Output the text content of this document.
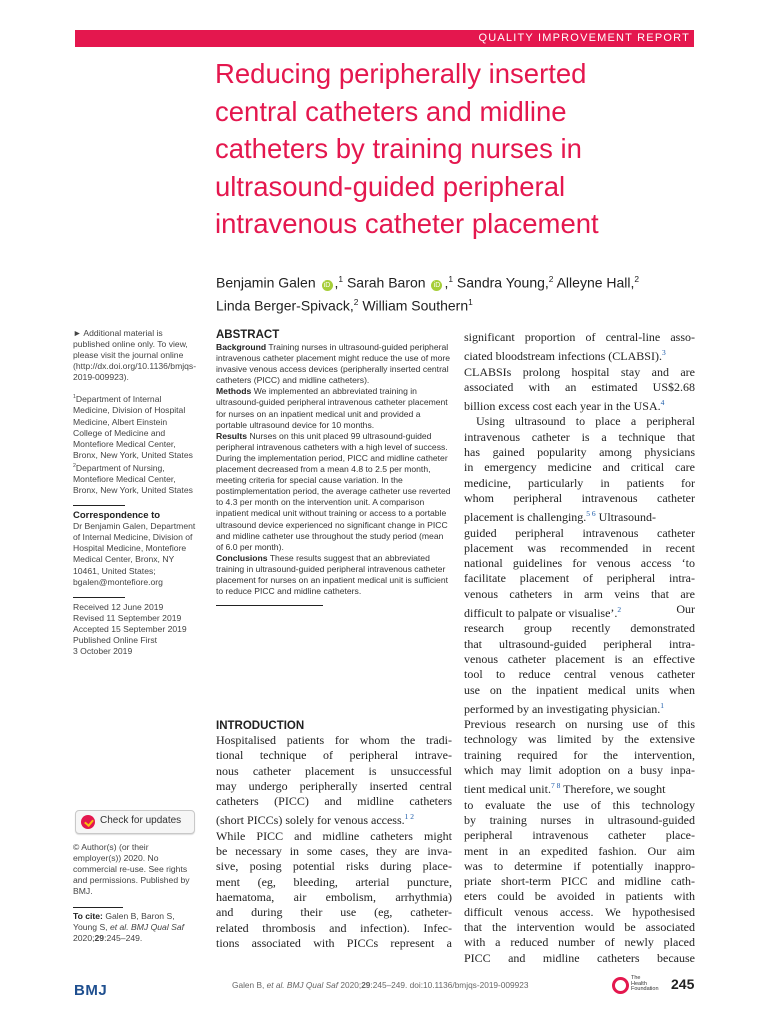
QUALITY IMPROVEMENT REPORT
Reducing peripherally inserted
central catheters and midline
catheters by training nurses in
ultrasound-guided peripheral
intravenous catheter placement
Benjamin Galen iD ,$^1$ Sarah Baron iD ,$^1$ Sandra Young,$^2$ Alleyne Hall,$^2$
Linda Berger-Spivack,$^2$ William Southern$^1$

► Additional material is published online only. To view, please visit the journal online (http://dx.doi.org/10.1136/bmjqs-2019-009923).

$^1$Department of Internal Medicine, Division of Hospital Medicine, Albert Einstein College of Medicine and Montefiore Medical Center, Bronx, New York, United States

$^2$Department of Nursing, Montefiore Medical Center, Bronx, New York, United States

Correspondence to

Dr Benjamin Galen, Department of Internal Medicine, Division of Hospital Medicine, Montefiore Medical Center, Bronx, NY 10461, United States; bgalen@montefiore.org

Received 12 June 2019

Revised 11 September 2019

Accepted 15 September 2019

Published Online First

3 October 2019

Check for updates
© Author(s) (or their employer(s)) 2020. No commercial re-use. See rights and permissions. Published by BMJ.
To cite: Galen B, Baron S, Young S, et al. BMJ Qual Saf 2020;29:245–249.
ABSTRACT

Background Training nurses in ultrasound-guided peripheral intravenous catheter placement might reduce the use of more invasive venous access devices (peripherally inserted central catheters (PICC) and midline catheters).

Methods We implemented an abbreviated training in ultrasound-guided peripheral intravenous catheter placement for nurses on an inpatient medical unit and provided a portable ultrasound device for 10 months.

Results Nurses on this unit placed 99 ultrasound-guided peripheral intravenous catheters with a high level of success. During the implementation period, PICC and midline catheter placement decreased from a mean 4.8 to 2.5 per month, meeting criteria for special cause variation. In the postimplementation period, the average catheter use reverted to 4.3 per month on the intervention unit. A comparison inpatient medical unit without training or access to a portable ultrasound device experienced no significant change in PICC and midline catheter use throughout the study period (mean of 6.0 per month).

Conclusions These results suggest that an abbreviated training in ultrasound-guided peripheral intravenous catheter placement for nurses on an inpatient medical unit is sufficient to reduce PICC and midline catheters.

INTRODUCTION
Hospitalised patients for whom the tradi-
tional technique of peripheral intrave-
nous catheter placement is unsuccessful
may undergo peripherally inserted central
catheters (PICC) and midline catheters
(short PICCs) solely for venous access.$^{1 2}$
While PICC and midline catheters might
be necessary in some cases, they are inva-
sive, posing potential risks during place-
ment (eg, bleeding, arterial puncture,
haematoma, air embolism, arrhythmia)
and during their use (eg, catheter-
related thrombosis and infection). Infec-
tions associated with PICCs represent a
significant proportion of central-line asso-
ciated bloodstream infections (CLABSI).$^3$
CLABSIs prolong hospital stay and are
associated with an estimated US$2.68
billion excess cost each year in the USA.$^4$
Using ultrasound to place a peripheral
intravenous catheter is a technique that
has gained popularity among physicians
in emergency medicine and critical care
medicine, particularly in patients for
whom peripheral intravenous catheter
placement is challenging.$^{5 6}$ Ultrasound-
guided peripheral intravenous catheter
placement was recommended in recent
national guidelines for venous access ‘to
facilitate placement of peripheral intra-
venous catheters in arm veins that are
difficult to palpate or visualise’.$^2$	Our
research group recently demonstrated
that ultrasound-guided peripheral intra-
venous catheter placement is an effective
tool to reduce central venous catheter
use on the inpatient medical units when
performed by an investigating physician.$^1$
Previous research on nursing use of this
technology was limited by the extensive
training required for the intervention,
which may limit adoption on a busy inpa-
tient medical unit.$^{7 8}$ Therefore, we sought
to evaluate the use of this technology
by training nurses in ultrasound-guided
peripheral intravenous catheter place-
ment in an expedited fashion. Our aim
was to determine if potentially inappro-
priate short-term PICC and midline cath-
eters could be avoided in patients with
difficult venous access. We hypothesised
that the intervention would be associated
with a reduced number of newly placed
PICC and midline catheters because
BMJ	Galen B, et al. BMJ Qual Saf 2020;29:245–249. doi:10.1136/bmjqs-2019-009923
The
Health
Foundation 245
